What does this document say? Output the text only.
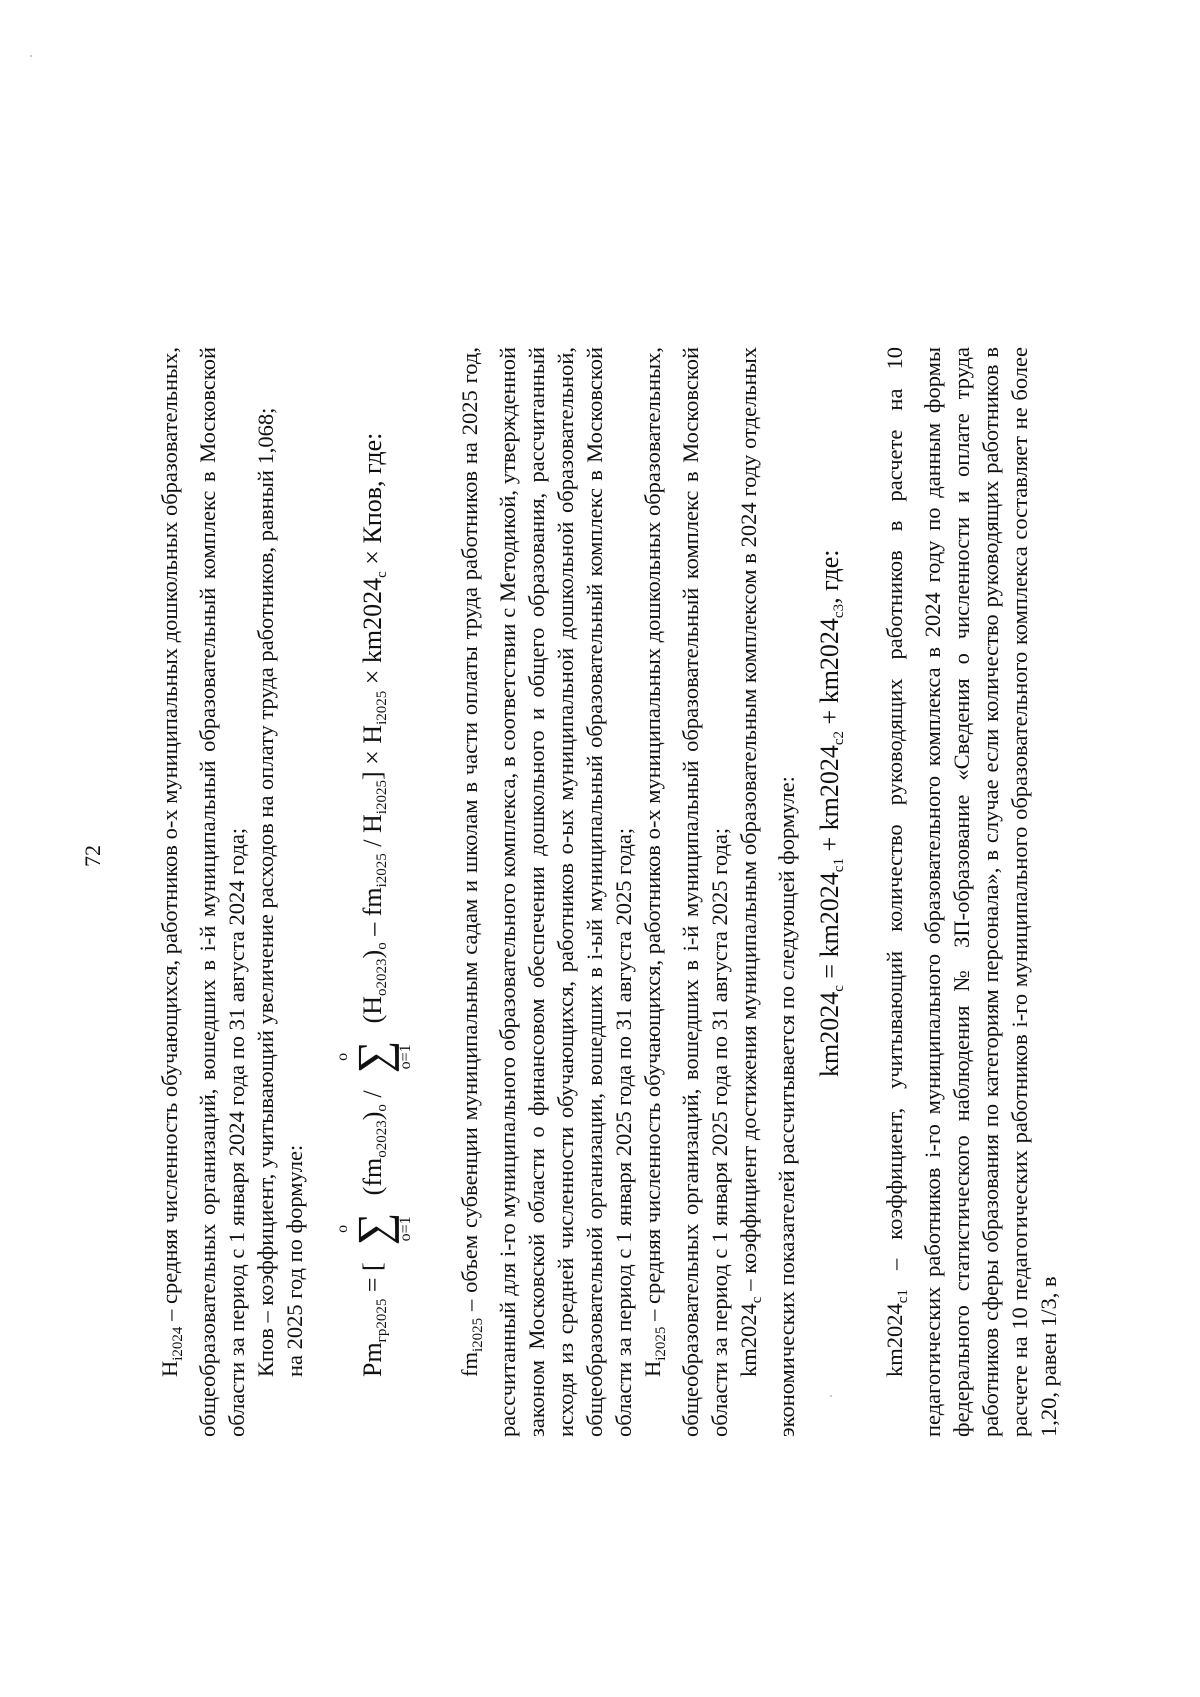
72

$Н_{i2024}$ – средняя численность обучающихся, работников о-х муниципальных дошкольных образовательных, общеобразовательных организаций, вошедших в i-й муниципальный образовательный комплекс в Московской области за период с 1 января 2024 года по 31 августа 2024 года; Кпов – коэффициент, учитывающий увеличение расходов на оплату труда работников, равный 1,068; на 2025 год по формуле:	$Рm_{гр2025}$ = [
o
∑
o=1
$(fm_{o2023})_o$ /
o
∑
o=1
$(Н_{o2023})_o - fm_{i2025} / Н_{i2025}] \times Н_{i2025} \times km2024_c$ × Кпов, где:

$fm_{i2025}$ – объем субвенции муниципальным садам и школам в части оплаты труда работников на 2025 год, рассчитанный для i-го муниципального образовательного комплекса, в соответствии с Методикой, утвержденной законом Московской области о финансовом обеспечении дошкольного и общего образования, рассчитанный исходя из средней численности обучающихся, работников о-ых муниципальной дошкольной образовательной, общеобразовательной организации, вошедших в i-ый муниципальный образовательный комплекс в Московской области за период с 1 января 2025 года по 31 августа 2025 года; $Н_{i2025}$ – средняя численность обучающихся, работников о-х муниципальных дошкольных образовательных, общеобразовательных организаций, вошедших в i-й муниципальный образовательный комплекс в Московской области за период с 1 января 2025 года по 31 августа 2025 года; $km2024_c$ – коэффициент достижения муниципальным образовательным комплексом в 2024 году отдельных экономических показателей рассчитывается по следующей формуле: $km2024_c = km2024_{c1} + km2024_{c2} + km2024_{c3}$, где:

$km2024_{c1}$ – коэффициент, учитывающий количество руководящих работников в расчете на 10 педагогических работников i-го муниципального образовательного комплекса в 2024 году по данным формы федерального статистического наблюдения № ЗП-образование «Сведения о численности и оплате труда работников сферы образования по категориям персонала», в случае если количество руководящих работников в расчете на 10 педагогических работников i-го муниципального образовательного комплекса составляет не более 1,20, равен 1/3, в
